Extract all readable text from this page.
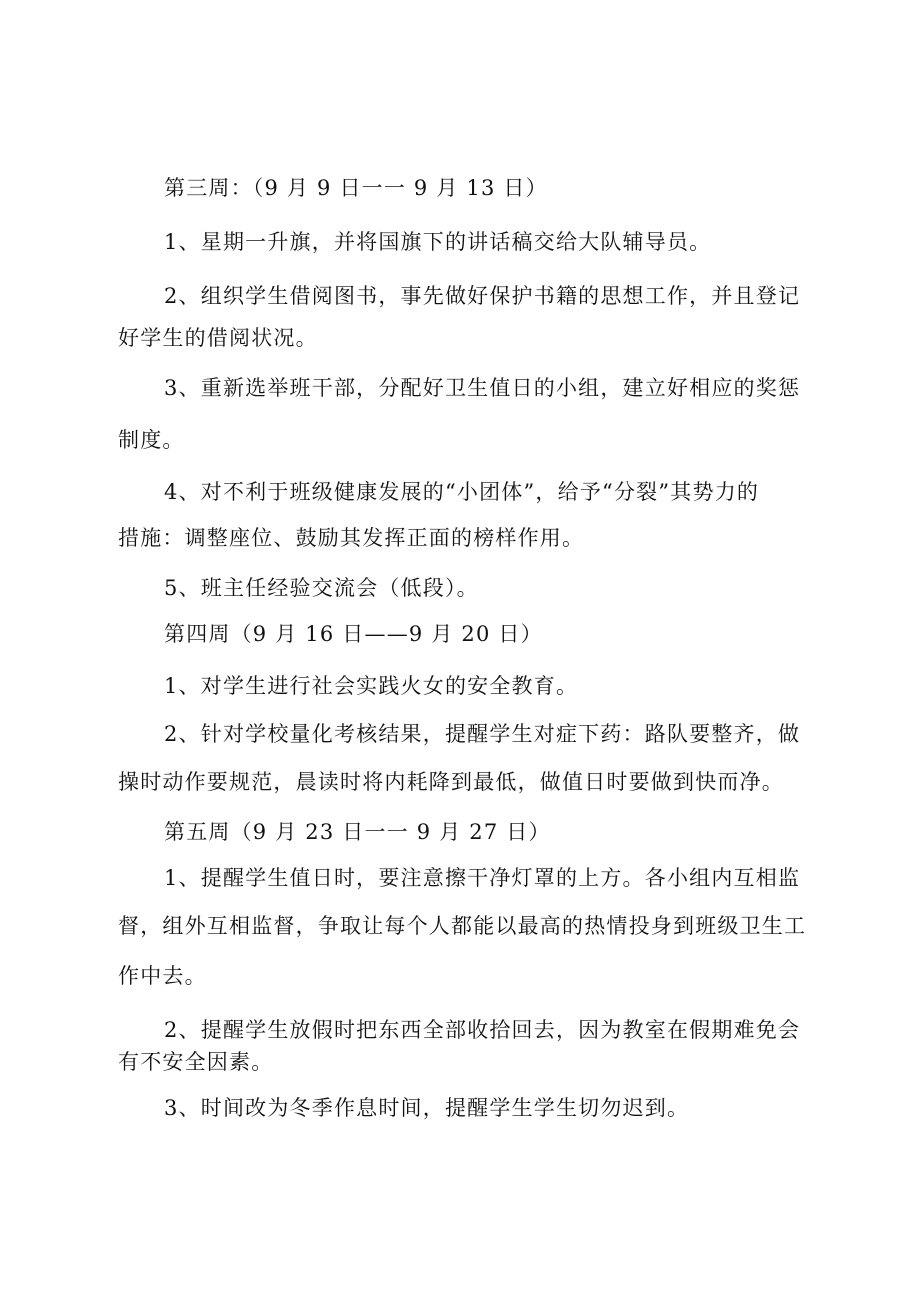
第三周：（9 月 9 日一一 9 月 13 日）
1、星期一升旗，并将国旗下的讲话稿交给大队辅导员。
2、组织学生借阅图书，事先做好保护书籍的思想工作，并且登记
好学生的借阅状况。
3、重新选举班干部，分配好卫生值日的小组，建立好相应的奖惩
制度。
4、对不利于班级健康发展的“小团体”，给予“分裂”其势力的
措施：调整座位、鼓励其发挥正面的榜样作用。
5、班主任经验交流会（低段）。
第四周（9 月 16 日——9 月 20 日）
1、对学生进行社会实践火女的安全教育。
2、针对学校量化考核结果，提醒学生对症下药：路队要整齐，做
操时动作要规范，晨读时将内耗降到最低，做值日时要做到快而净。
第五周（9 月 23 日一一 9 月 27 日）
1、提醒学生值日时，要注意擦干净灯罩的上方。各小组内互相监
督，组外互相监督，争取让每个人都能以最高的热情投身到班级卫生工
作中去。
2、提醒学生放假时把东西全部收拾回去，因为教室在假期难免会
有不安全因素。
3、时间改为冬季作息时间，提醒学生学生切勿迟到。
